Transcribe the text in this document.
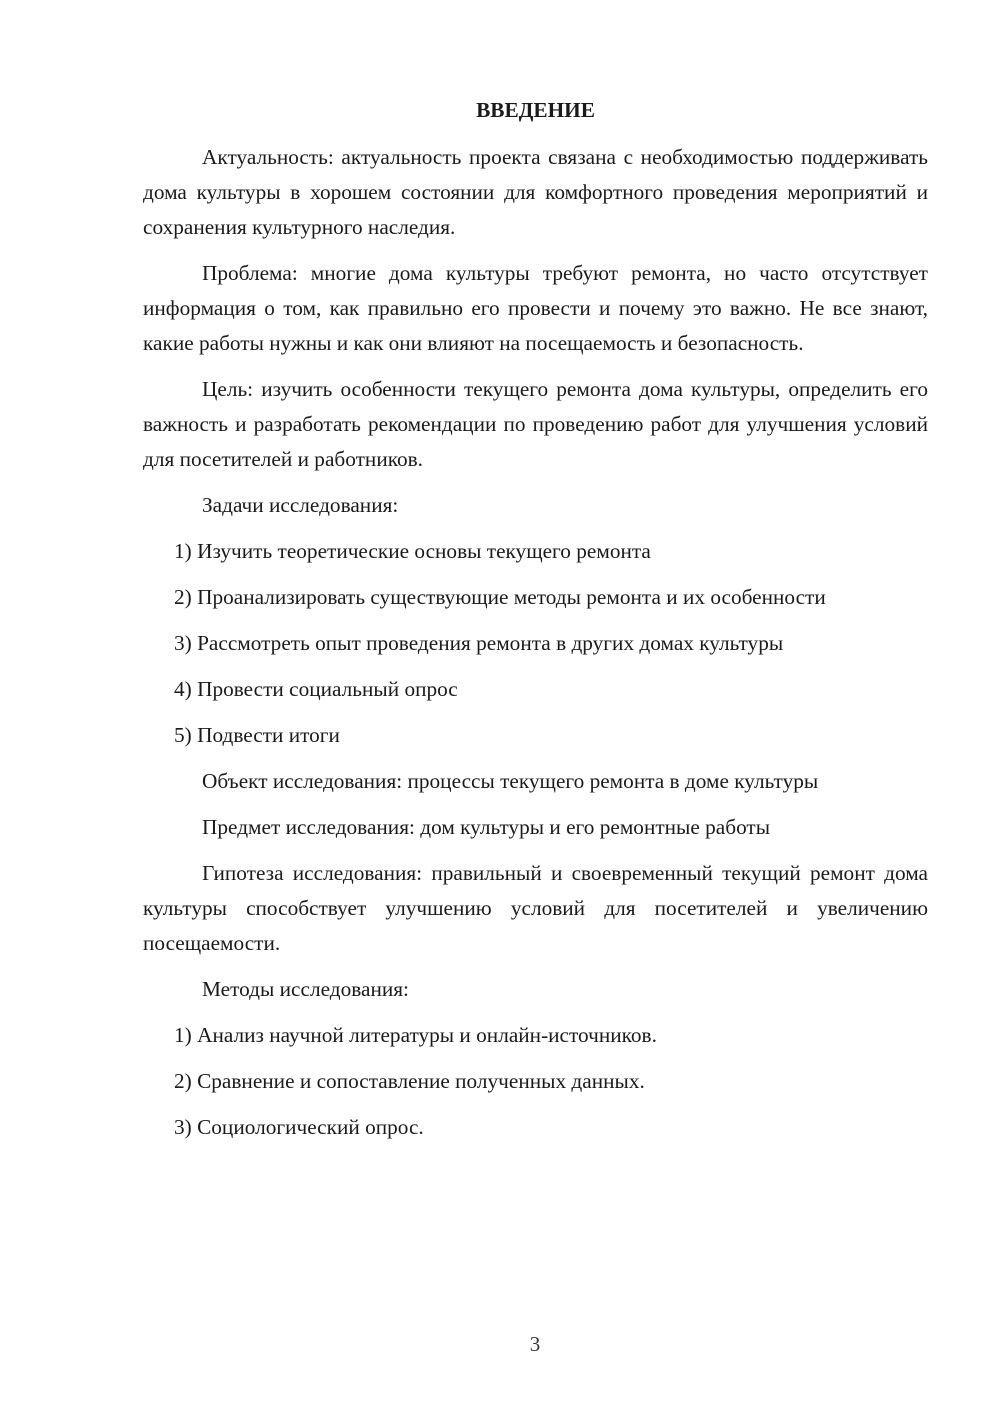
ВВЕДЕНИЕ

Актуальность: актуальность проекта связана с необходимостью поддерживать дома культуры в хорошем состоянии для комфортного проведения мероприятий и сохранения культурного наследия.

Проблема: многие дома культуры требуют ремонта, но часто отсутствует информация о том, как правильно его провести и почему это важно. Не все знают, какие работы нужны и как они влияют на посещаемость и безопасность.

Цель: изучить особенности текущего ремонта дома культуры, определить его важность и разработать рекомендации по проведению работ для улучшения условий для посетителей и работников.

Задачи исследования:

1) Изучить теоретические основы текущего ремонта

2) Проанализировать существующие методы ремонта и их особенности

3) Рассмотреть опыт проведения ремонта в других домах культуры

4) Провести социальный опрос

5) Подвести итоги

Объект исследования: процессы текущего ремонта в доме культуры

Предмет исследования: дом культуры и его ремонтные работы

Гипотеза исследования: правильный и своевременный текущий ремонт дома культуры способствует улучшению условий для посетителей и увеличению посещаемости.

Методы исследования:

1) Анализ научной литературы и онлайн-источников.

2) Сравнение и сопоставление полученных данных.

3) Социологический опрос.

3
